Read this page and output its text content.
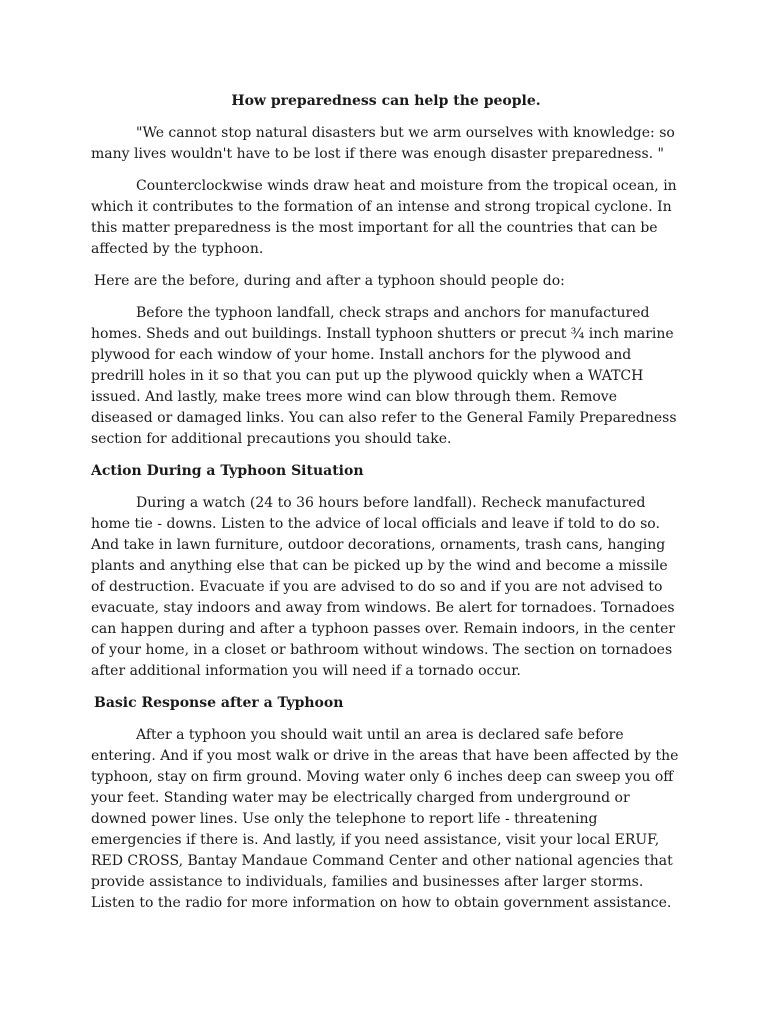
How preparedness can help the people.

"We cannot stop natural disasters but we arm ourselves with knowledge: so many lives wouldn't have to be lost if there was enough disaster preparedness. "

Counterclockwise winds draw heat and moisture from the tropical ocean, in which it contributes to the formation of an intense and strong tropical cyclone. In this matter preparedness is the most important for all the countries that can be affected by the typhoon.

Here are the before, during and after a typhoon should people do:

Before the typhoon landfall, check straps and anchors for manufactured homes. Sheds and out buildings. Install typhoon shutters or precut ¾ inch marine plywood for each window of your home. Install anchors for the plywood and predrill holes in it so that you can put up the plywood quickly when a WATCH issued. And lastly, make trees more wind can blow through them. Remove diseased or damaged links. You can also refer to the General Family Preparedness section for additional precautions you should take.

Action During a Typhoon Situation

During a watch (24 to 36 hours before landfall). Recheck manufactured home tie - downs. Listen to the advice of local officials and leave if told to do so. And take in lawn furniture, outdoor decorations, ornaments, trash cans, hanging plants and anything else that can be picked up by the wind and become a missile of destruction. Evacuate if you are advised to do so and if you are not advised to evacuate, stay indoors and away from windows. Be alert for tornadoes. Tornadoes can happen during and after a typhoon passes over. Remain indoors, in the center of your home, in a closet or bathroom without windows. The section on tornadoes after additional information you will need if a tornado occur.

Basic Response after a Typhoon

After a typhoon you should wait until an area is declared safe before entering. And if you most walk or drive in the areas that have been affected by the typhoon, stay on firm ground. Moving water only 6 inches deep can sweep you off your feet. Standing water may be electrically charged from underground or downed power lines. Use only the telephone to report life - threatening emergencies if there is. And lastly, if you need assistance, visit your local ERUF, RED CROSS, Bantay Mandaue Command Center and other national agencies that provide assistance to individuals, families and businesses after larger storms. Listen to the radio for more information on how to obtain government assistance.
